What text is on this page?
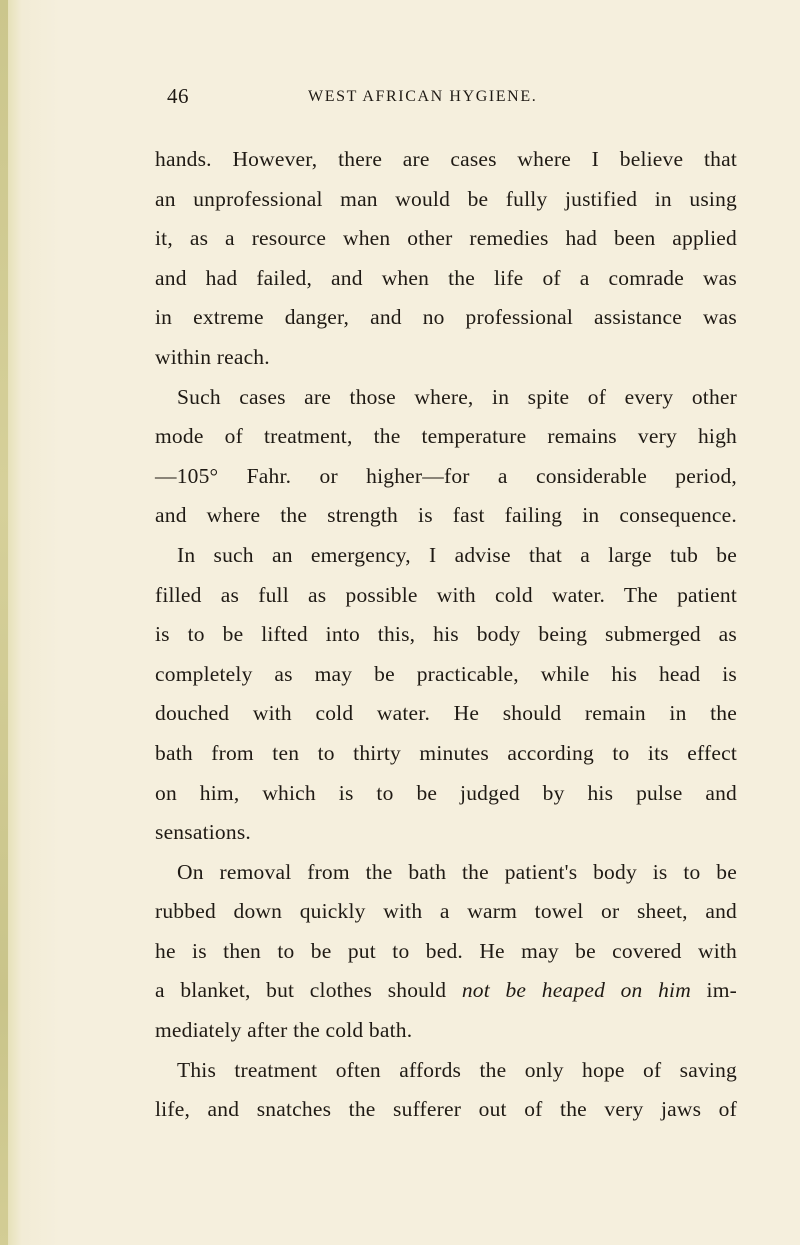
46	WEST AFRICAN HYGIENE.
hands. However, there are cases where I believe that
an unprofessional man would be fully justified in using
it, as a resource when other remedies had been applied
and had failed, and when the life of a comrade was
in extreme danger, and no professional assistance was
within reach.
Such cases are those where, in spite of every other
mode of treatment, the temperature remains very high
—105° Fahr. or higher—for a considerable period,
and where the strength is fast failing in consequence.
In such an emergency, I advise that a large tub be
filled as full as possible with cold water. The patient
is to be lifted into this, his body being submerged as
completely as may be practicable, while his head is
douched with cold water. He should remain in the
bath from ten to thirty minutes according to its effect
on him, which is to be judged by his pulse and
sensations.
On removal from the bath the patient's body is to be
rubbed down quickly with a warm towel or sheet, and
he is then to be put to bed. He may be covered with
a blanket, but clothes should not be heaped on him im-
mediately after the cold bath.
This treatment often affords the only hope of saving
life, and snatches the sufferer out of the very jaws of
